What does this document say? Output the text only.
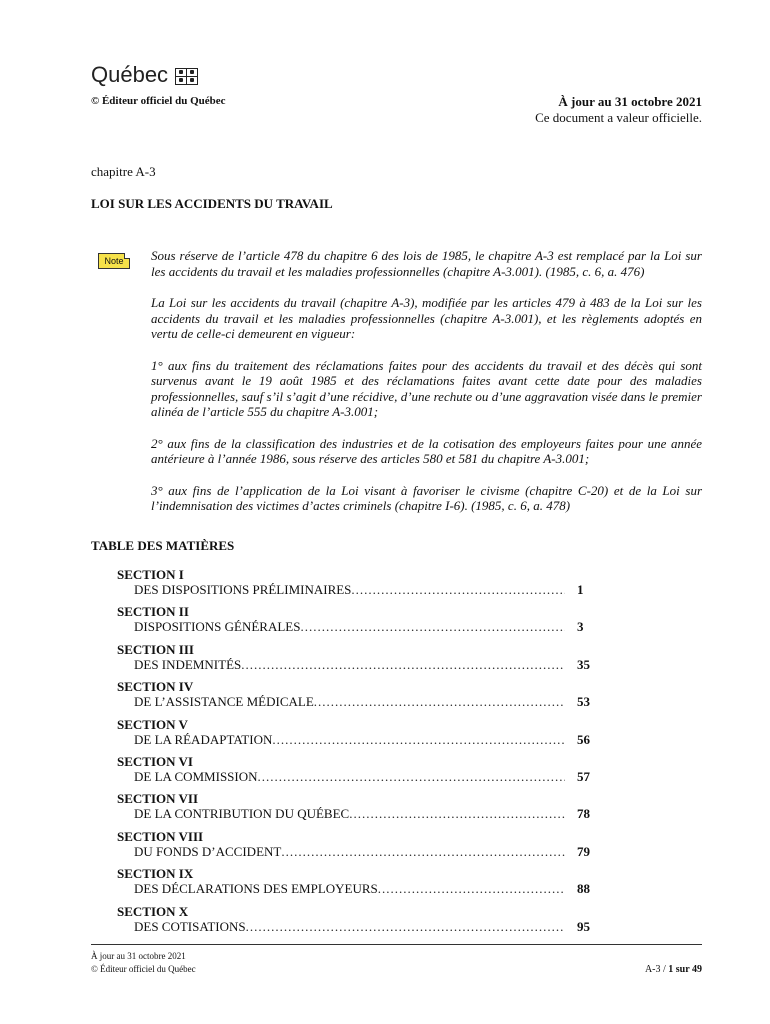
Québec
© Éditeur officiel du Québec	À jour au 31 octobre 2021
Ce document a valeur officielle.
chapitre A-3
LOI SUR LES ACCIDENTS DU TRAVAIL
Note	Sous réserve de l’article 478 du chapitre 6 des lois de 1985, le chapitre A-3 est remplacé par la Loi sur les accidents du travail et les maladies professionnelles (chapitre A-3.001). (1985, c. 6, a. 476)

La Loi sur les accidents du travail (chapitre A-3), modifiée par les articles 479 à 483 de la Loi sur les accidents du travail et les maladies professionnelles (chapitre A-3.001), et les règlements adoptés en vertu de celle-ci demeurent en vigueur:

1° aux fins du traitement des réclamations faites pour des accidents du travail et des décès qui sont survenus avant le 19 août 1985 et des réclamations faites avant cette date pour des maladies professionnelles, sauf s’il s’agit d’une récidive, d’une rechute ou d’une aggravation visée dans le premier alinéa de l’article 555 du chapitre A-3.001;

2° aux fins de la classification des industries et de la cotisation des employeurs faites pour une année antérieure à l’année 1986, sous réserve des articles 580 et 581 du chapitre A-3.001;

3° aux fins de l’application de la Loi visant à favoriser le civisme (chapitre C-20) et de la Loi sur l’indemnisation des victimes d’actes criminels (chapitre I-6). (1985, c. 6, a. 478)

TABLE DES MATIÈRES
SECTION I
DES DISPOSITIONS PRÉLIMINAIRES .....	1
SECTION II
DISPOSITIONS GÉNÉRALES .....	3
SECTION III
DES INDEMNITÉS .....	35
SECTION IV
DE L’ASSISTANCE MÉDICALE .....	53
SECTION V
DE LA RÉADAPTATION .....	56
SECTION VI
DE LA COMMISSION .....	57
SECTION VII
DE LA CONTRIBUTION DU QUÉBEC .....	78
SECTION VIII
DU FONDS D’ACCIDENT .....	79
SECTION IX
DES DÉCLARATIONS DES EMPLOYEURS .....	88
SECTION X
DES COTISATIONS .....	95
À jour au 31 octobre 2021
© Éditeur officiel du Québec	A-3 / 1 sur 49
